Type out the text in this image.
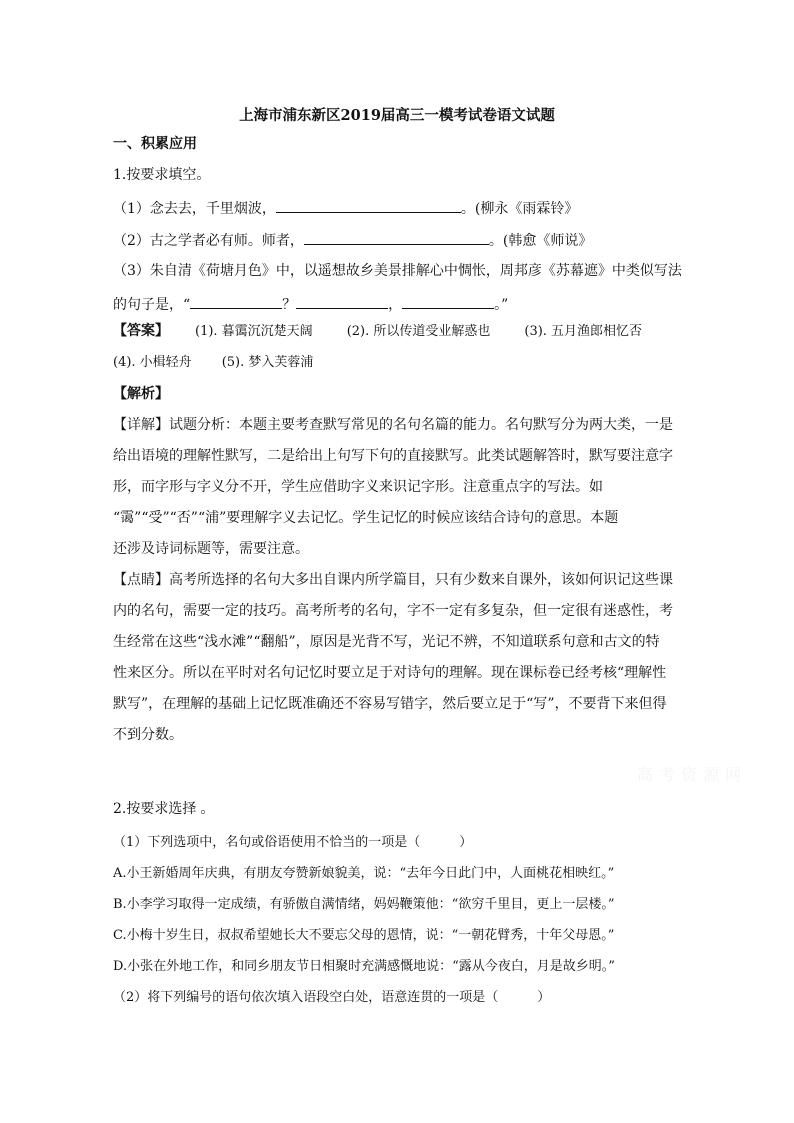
上海市浦东新区2019届高三一模考试卷语文试题
一、积累应用
1.按要求填空。
（1）念去去，千里烟波，	。(柳永《雨霖铃》
（2）古之学者必有师。师者，	。(韩愈《师说》
（3）朱自清《荷塘月色》中，以遥想故乡美景排解心中惆怅，周邦彦《苏幕遮》中类似写法
的句子是，“	？	，	。”
【答案】 (1). 暮霭沉沉楚天阔	(2). 所以传道受业解惑也	(3). 五月渔郎相忆否
(4). 小楫轻舟 (5). 梦入芙蓉浦
【解析】
【详解】试题分析：本题主要考查默写常见的名句名篇的能力。名句默写分为两大类，一是
给出语境的理解性默写，二是给出上句写下句的直接默写。此类试题解答时，默写要注意字
形，而字形与字义分不开，学生应借助字义来识记字形。注意重点字的写法。如
“霭”“受”“否”“浦”要理解字义去记忆。学生记忆的时候应该结合诗句的意思。本题
还涉及诗词标题等，需要注意。
【点睛】高考所选择的名句大多出自课内所学篇目，只有少数来自课外，该如何识记这些课
内的名句，需要一定的技巧。高考所考的名句，字不一定有多复杂，但一定很有迷惑性，考
生经常在这些“浅水滩”“翻船”，原因是光背不写，光记不辨，不知道联系句意和古文的特
性来区分。所以在平时对名句记忆时要立足于对诗句的理解。现在课标卷已经考核“理解性
默写”，在理解的基础上记忆既准确还不容易写错字，然后要立足于“写”，不要背下来但得
不到分数。
高考资源网
2.按要求选择 。
（1）下列选项中，名句或俗语使用不恰当的一项是（　　　）
A.小王新婚周年庆典，有朋友夸赞新娘貌美，说：“去年今日此门中，人面桃花相映红。”
B.小李学习取得一定成绩，有骄傲自满情绪，妈妈鞭策他：“欲穷千里目，更上一层楼。”
C.小梅十岁生日，叔叔希望她长大不要忘父母的恩情，说：“一朝花臂秀，十年父母恩。”
D.小张在外地工作，和同乡朋友节日相聚时充满感慨地说：“露从今夜白，月是故乡明。”
（2）将下列编号的语句依次填入语段空白处，语意连贯的一项是（　　　）
